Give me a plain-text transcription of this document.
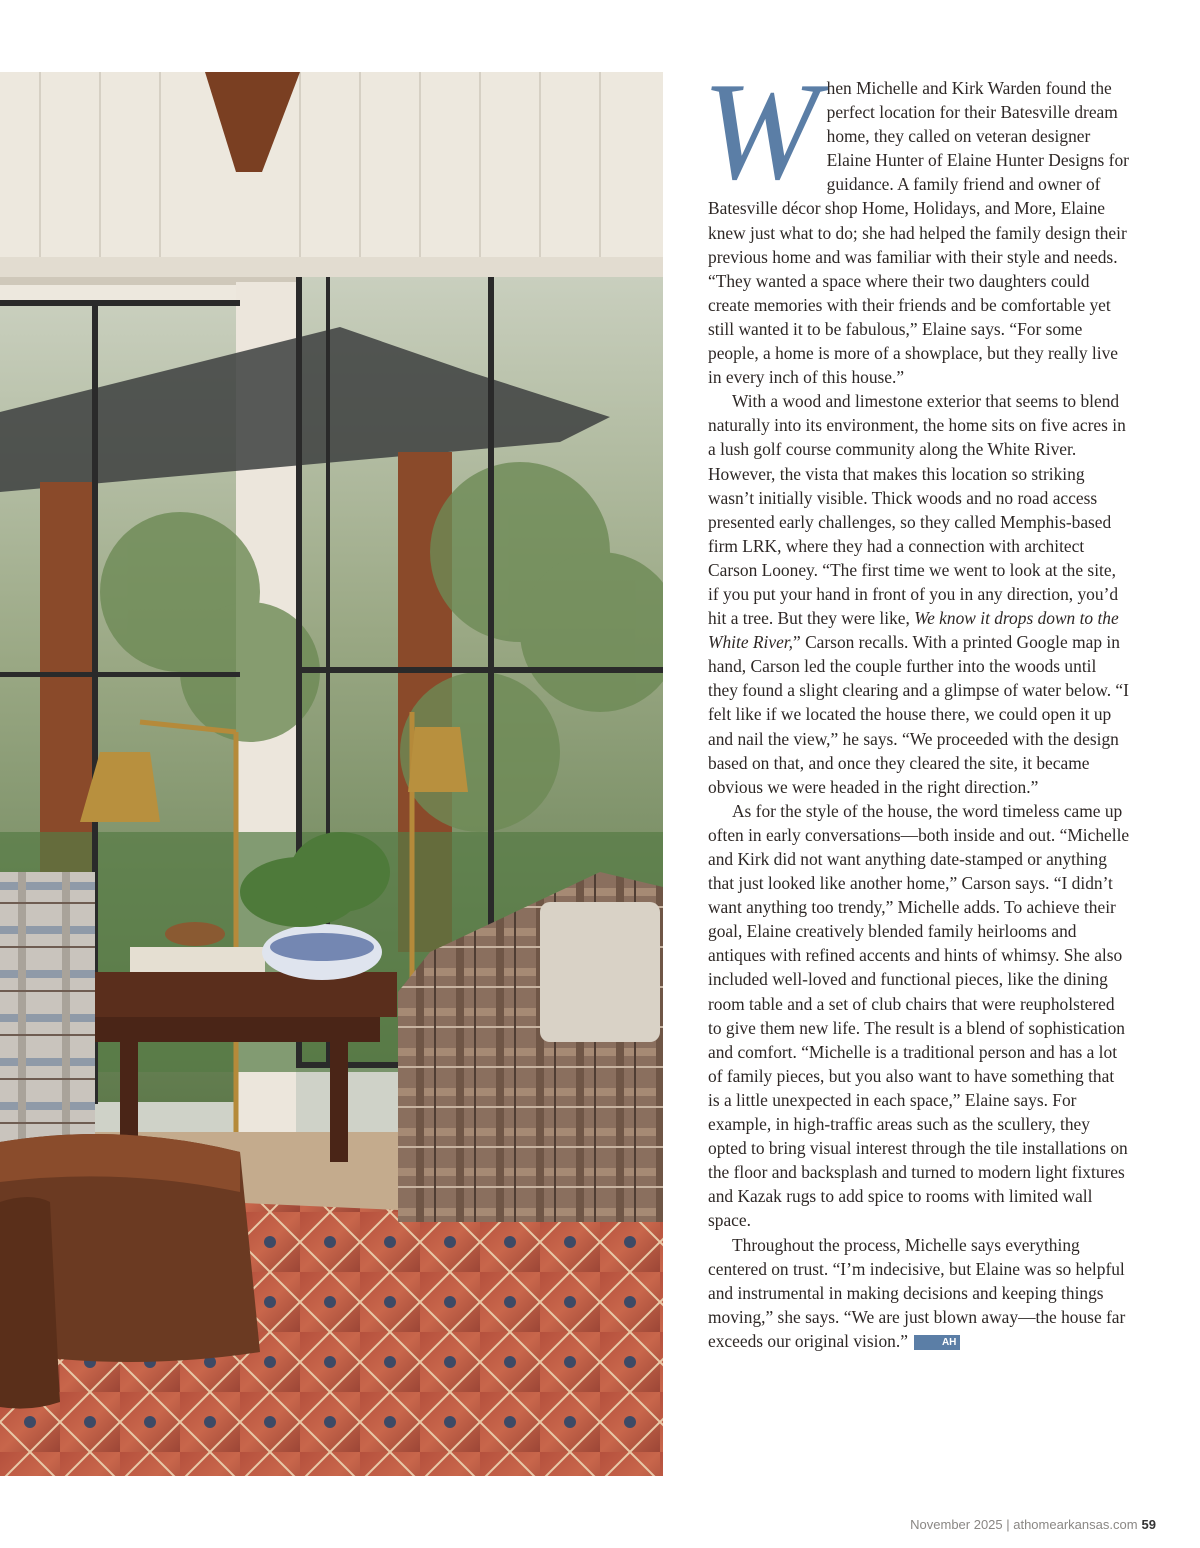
When Michelle and Kirk Warden found the perfect location for their Batesville dream home, they called on veteran designer Elaine Hunter of Elaine Hunter Designs for guidance. A family friend and owner of Batesville décor shop Home, Holidays, and More, Elaine knew just what to do; she had helped the family design their previous home and was familiar with their style and needs. “They wanted a space where their two daughters could create memories with their friends and be comfortable yet still wanted it to be fabulous,” Elaine says. “For some people, a home is more of a showplace, but they really live in every inch of this house.”

With a wood and limestone exterior that seems to blend naturally into its environment, the home sits on five acres in a lush golf course community along the White River. However, the vista that makes this location so striking wasn’t initially visible. Thick woods and no road access presented early challenges, so they called Memphis-based firm LRK, where they had a connection with architect Carson Looney. “The first time we went to look at the site, if you put your hand in front of you in any direction, you’d hit a tree. But they were like, We know it drops down to the White River,” Carson recalls. With a printed Google map in hand, Carson led the couple further into the woods until they found a slight clearing and a glimpse of water below. “I felt like if we located the house there, we could open it up and nail the view,” he says. “We proceeded with the design based on that, and once they cleared the site, it became obvious we were headed in the right direction.”

As for the style of the house, the word timeless came up often in early conversations—both inside and out. “Michelle and Kirk did not want anything date-stamped or anything that just looked like another home,” Carson says. “I didn’t want anything too trendy,” Michelle adds. To achieve their goal, Elaine creatively blended family heirlooms and antiques with refined accents and hints of whimsy. She also included well-loved and functional pieces, like the dining room table and a set of club chairs that were reupholstered to give them new life. The result is a blend of sophistication and comfort. “Michelle is a traditional person and has a lot of family pieces, but you also want to have something that is a little unexpected in each space,” Elaine says. For example, in high-traffic areas such as the scullery, they opted to bring visual interest through the tile installations on the floor and backsplash and turned to modern light fixtures and Kazak rugs to add spice to rooms with limited wall space.

Throughout the process, Michelle says everything centered on trust. “I’m indecisive, but Elaine was so helpful and instrumental in making decisions and keeping things moving,” she says. “We are just blown away—the house far exceeds our original vision.”	AH

November 2025 | athomearkansas.com 59
